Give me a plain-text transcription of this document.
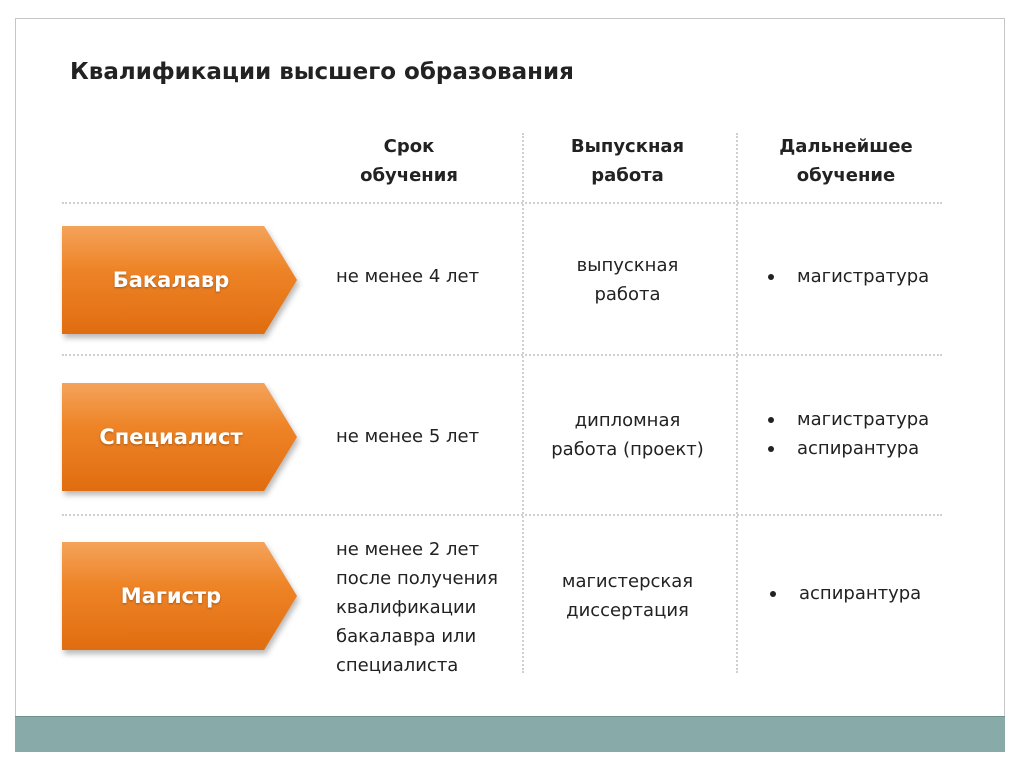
Квалификации высшего образования
Срок
обучения
Выпускная
работа
Дальнейшее
обучение
Бакалавр	не менее 4 лет
выпускная
работа
магистратура
Специалист	не менее 5 лет
дипломная
работа (проект)
магистратура
аспирантура
Магистр
не менее 2 лет
после получения
квалификации
бакалавра или
специалиста
магистерская
диссертация
аспирантура
